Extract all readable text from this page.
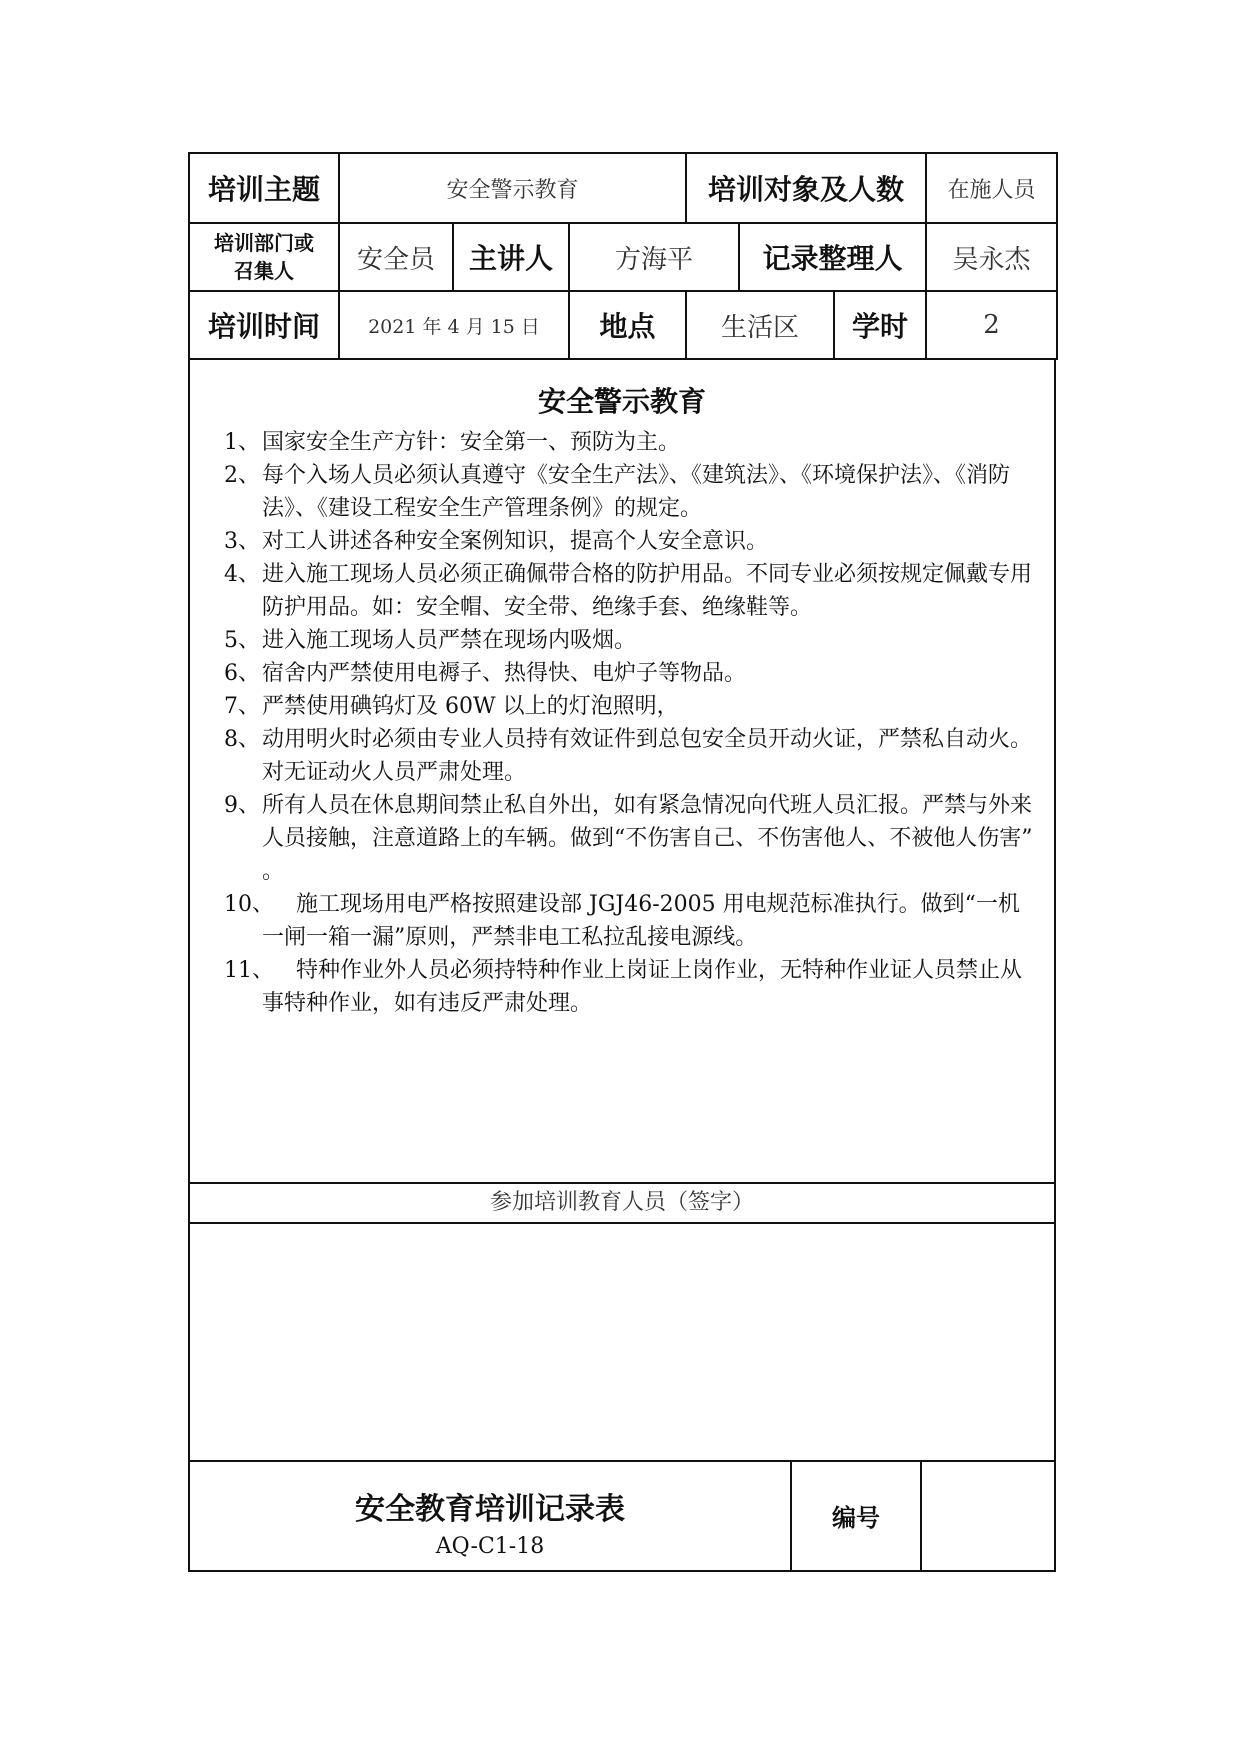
培训主题	安全警示教育			培训对象及人数			在施人员
培训部门或召集人	安全员	主讲人	方海平		记录整理人		吴永杰
培训时间	2021 年 4 月 15 日		地点	生活区		学时	2
安全警示教育
1、 国家安全生产方针：安全第一、预防为主。
2、 每个入场人员必须认真遵守《安全生产法》、《建筑法》、《环境保护法》、《消防法》、《建设工程安全生产管理条例》的规定。
3、 对工人讲述各种安全案例知识，提高个人安全意识。
4、 进入施工现场人员必须正确佩带合格的防护用品。不同专业必须按规定佩戴专用防护用品。如：安全帽、安全带、绝缘手套、绝缘鞋等。
5、 进入施工现场人员严禁在现场内吸烟。
6、 宿舍内严禁使用电褥子、热得快、电炉子等物品。
7、 严禁使用碘钨灯及 60W 以上的灯泡照明，
8、 动用明火时必须由专业人员持有效证件到总包安全员开动火证，严禁私自动火。对无证动火人员严肃处理。
9、 所有人员在休息期间禁止私自外出，如有紧急情况向代班人员汇报。严禁与外来人员接触，注意道路上的车辆。做到“不伤害自己、不伤害他人、不被他人伤害” 。
10、	施工现场用电严格按照建设部 JGJ46-2005 用电规范标准执行。做到“一机一闸一箱一漏”原则，严禁非电工私拉乱接电源线。
11、	特种作业外人员必须持特种作业上岗证上岗作业，无特种作业证人员禁止从事特种作业，如有违反严肃处理。
参加培训教育人员（签字）
安全教育培训记录表
AQ-C1-18
编号
